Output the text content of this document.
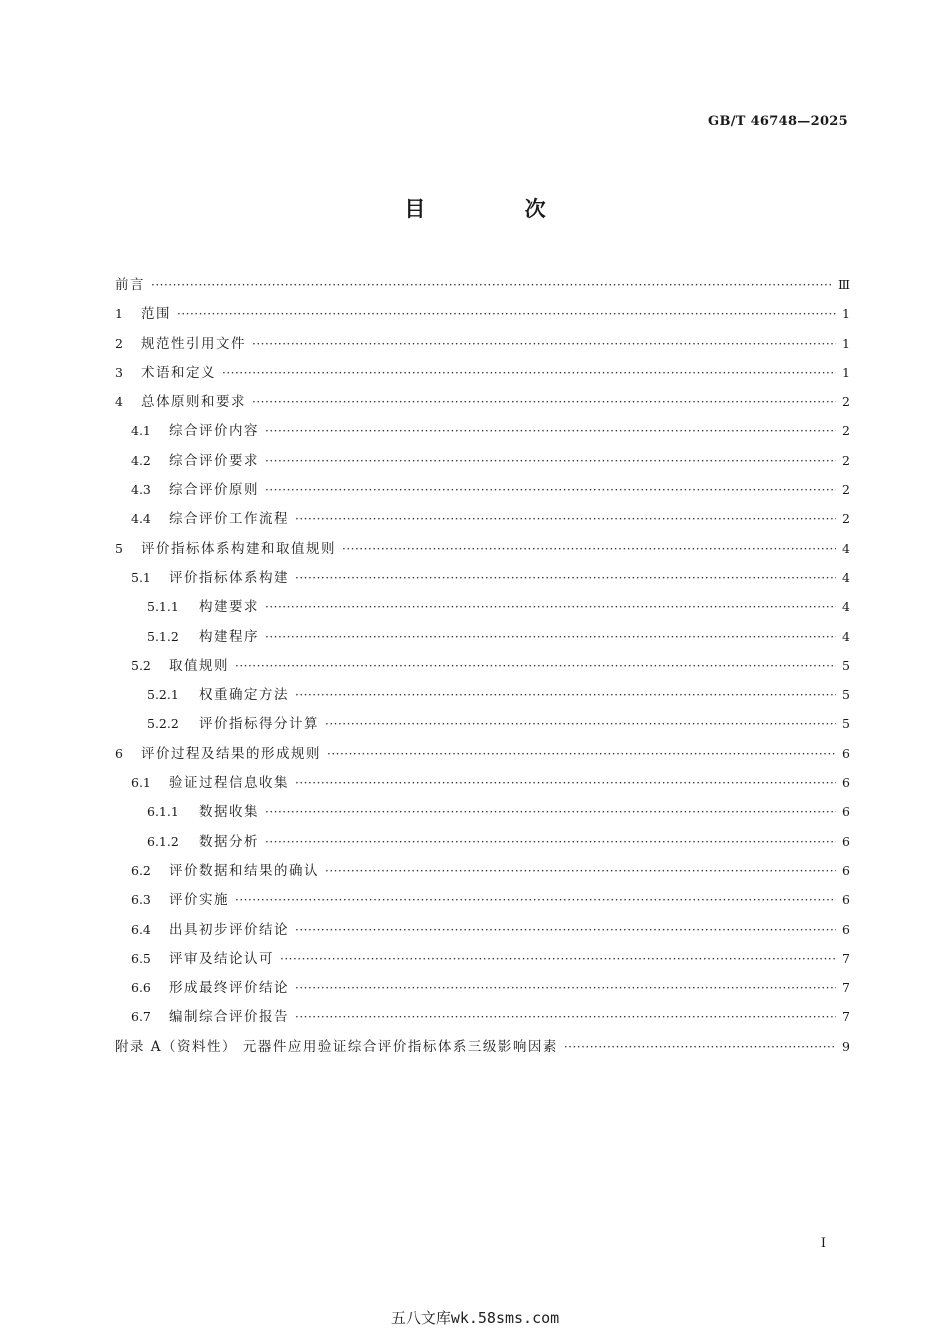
GB/T 46748—2025
目 次
前言 ·····	Ⅲ
1	范围 ·····	1
2	规范性引用文件 ·····	1
3	术语和定义 ·····	1
4	总体原则和要求 ·····	2
4.1	综合评价内容 ·····	2
4.2	综合评价要求 ·····	2
4.3	综合评价原则 ·····	2
4.4	综合评价工作流程 ·····	2
5	评价指标体系构建和取值规则 ·····	4
5.1	评价指标体系构建 ·····	4
5.1.1	构建要求 ·····	4
5.1.2	构建程序 ·····	4
5.2	取值规则 ·····	5
5.2.1	权重确定方法 ·····	5
5.2.2	评价指标得分计算 ·····	5
6	评价过程及结果的形成规则 ·····	6
6.1	验证过程信息收集 ·····	6
6.1.1	数据收集 ·····	6
6.1.2	数据分析 ·····	6
6.2	评价数据和结果的确认 ·····	6
6.3	评价实施 ·····	6
6.4	出具初步评价结论 ·····	6
6.5	评审及结论认可 ·····	7
6.6	形成最终评价结论 ·····	7
6.7	编制综合评价报告 ·····	7
附录 A（资料性） 元器件应用验证综合评价指标体系三级影响因素 ·····	9
I
五八文库wk.58sms.com
